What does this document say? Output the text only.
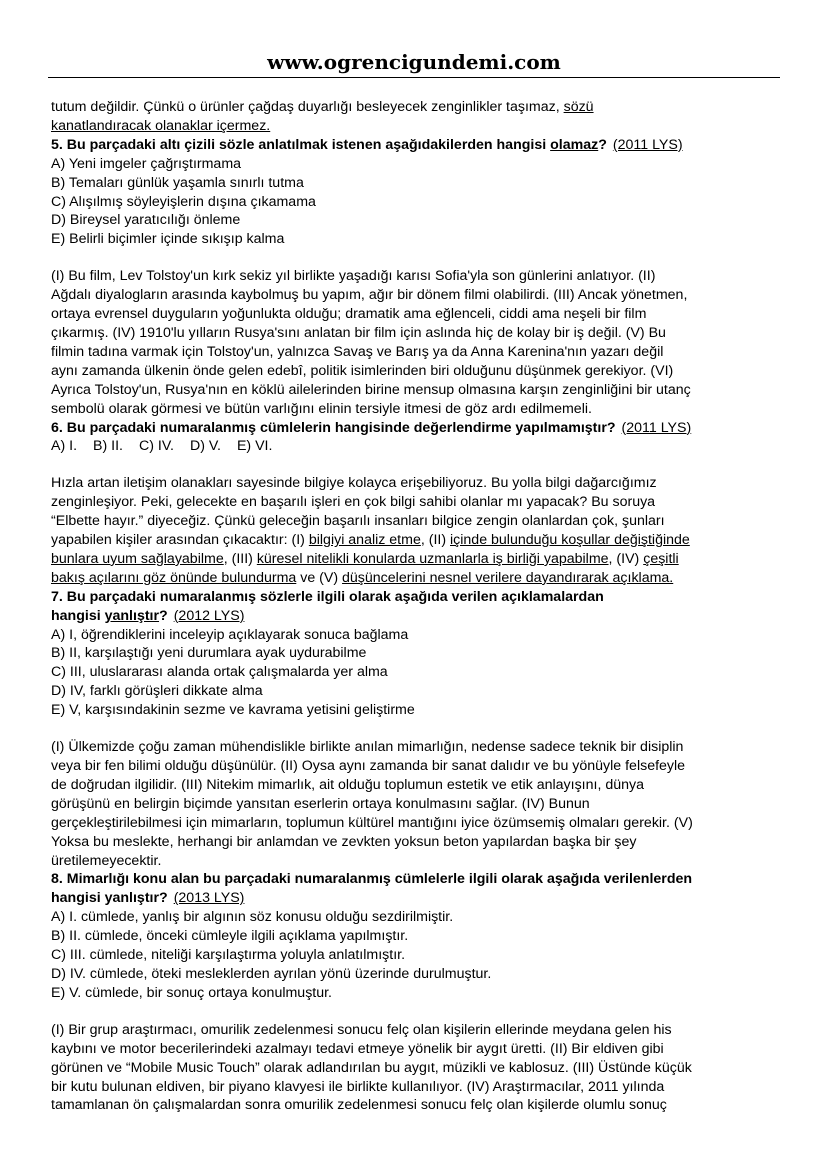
www.ogrencigundemi.com

tutum değildir. Çünkü o ürünler çağdaş duyarlığı besleyecek zenginlikler taşımaz, sözü

kanatlandıracak olanaklar içermez.

5. Bu parçadaki altı çizili sözle anlatılmak istenen aşağıdakilerden hangisi olamaz? (2011 LYS)

A) Yeni imgeler çağrıştırmama

B) Temaları günlük yaşamla sınırlı tutma

C) Alışılmış söyleyişlerin dışına çıkamama

D) Bireysel yaratıcılığı önleme

E) Belirli biçimler içinde sıkışıp kalma

(I) Bu film, Lev Tolstoy'un kırk sekiz yıl birlikte yaşadığı karısı Sofia'yla son günlerini anlatıyor. (II)

Ağdalı diyalogların arasında kaybolmuş bu yapım, ağır bir dönem filmi olabilirdi. (III) Ancak yönetmen,

ortaya evrensel duyguların yoğunlukta olduğu; dramatik ama eğlenceli, ciddi ama neşeli bir film

çıkarmış. (IV) 1910'lu yılların Rusya'sını anlatan bir film için aslında hiç de kolay bir iş değil. (V) Bu

filmin tadına varmak için Tolstoy'un, yalnızca Savaş ve Barış ya da Anna Karenina'nın yazarı değil

aynı zamanda ülkenin önde gelen edebî, politik isimlerinden biri olduğunu düşünmek gerekiyor. (VI)

Ayrıca Tolstoy'un, Rusya'nın en köklü ailelerinden birine mensup olmasına karşın zenginliğini bir utanç

sembolü olarak görmesi ve bütün varlığını elinin tersiyle itmesi de göz ardı edilmemeli.

6. Bu parçadaki numaralanmış cümlelerin hangisinde değerlendirme yapılmamıştır? (2011 LYS)

A) I. B) II. C) IV. D) V. E) VI.

Hızla artan iletişim olanakları sayesinde bilgiye kolayca erişebiliyoruz. Bu yolla bilgi dağarcığımız

zenginleşiyor. Peki, gelecekte en başarılı işleri en çok bilgi sahibi olanlar mı yapacak? Bu soruya

“Elbette hayır.” diyeceğiz. Çünkü geleceğin başarılı insanları bilgice zengin olanlardan çok, şunları

yapabilen kişiler arasından çıkacaktır: (I) bilgiyi analiz etme, (II) içinde bulunduğu koşullar değiştiğinde

bunlara uyum sağlayabilme, (III) küresel nitelikli konularda uzmanlarla iş birliği yapabilme, (IV) çeşitli

bakış açılarını göz önünde bulundurma ve (V) düşüncelerini nesnel verilere dayandırarak açıklama.

7. Bu parçadaki numaralanmış sözlerle ilgili olarak aşağıda verilen açıklamalardan

hangisi yanlıştır? (2012 LYS)

A) I, öğrendiklerini inceleyip açıklayarak sonuca bağlama

B) II, karşılaştığı yeni durumlara ayak uydurabilme

C) III, uluslararası alanda ortak çalışmalarda yer alma

D) IV, farklı görüşleri dikkate alma

E) V, karşısındakinin sezme ve kavrama yetisini geliştirme

(I) Ülkemizde çoğu zaman mühendislikle birlikte anılan mimarlığın, nedense sadece teknik bir disiplin

veya bir fen bilimi olduğu düşünülür. (II) Oysa aynı zamanda bir sanat dalıdır ve bu yönüyle felsefeyle

de doğrudan ilgilidir. (III) Nitekim mimarlık, ait olduğu toplumun estetik ve etik anlayışını, dünya

görüşünü en belirgin biçimde yansıtan eserlerin ortaya konulmasını sağlar. (IV) Bunun

gerçekleştirilebilmesi için mimarların, toplumun kültürel mantığını iyice özümsemiş olmaları gerekir. (V)

Yoksa bu meslekte, herhangi bir anlamdan ve zevkten yoksun beton yapılardan başka bir şey

üretilemeyecektir.

8. Mimarlığı konu alan bu parçadaki numaralanmış cümlelerle ilgili olarak aşağıda verilenlerden

hangisi yanlıştır? (2013 LYS)

A) I. cümlede, yanlış bir algının söz konusu olduğu sezdirilmiştir.

B) II. cümlede, önceki cümleyle ilgili açıklama yapılmıştır.

C) III. cümlede, niteliği karşılaştırma yoluyla anlatılmıştır.

D) IV. cümlede, öteki mesleklerden ayrılan yönü üzerinde durulmuştur.

E) V. cümlede, bir sonuç ortaya konulmuştur.

(I) Bir grup araştırmacı, omurilik zedelenmesi sonucu felç olan kişilerin ellerinde meydana gelen his

kaybını ve motor becerilerindeki azalmayı tedavi etmeye yönelik bir aygıt üretti. (II) Bir eldiven gibi

görünen ve “Mobile Music Touch” olarak adlandırılan bu aygıt, müzikli ve kablosuz. (III) Üstünde küçük

bir kutu bulunan eldiven, bir piyano klavyesi ile birlikte kullanılıyor. (IV) Araştırmacılar, 2011 yılında

tamamlanan ön çalışmalardan sonra omurilik zedelenmesi sonucu felç olan kişilerde olumlu sonuç
